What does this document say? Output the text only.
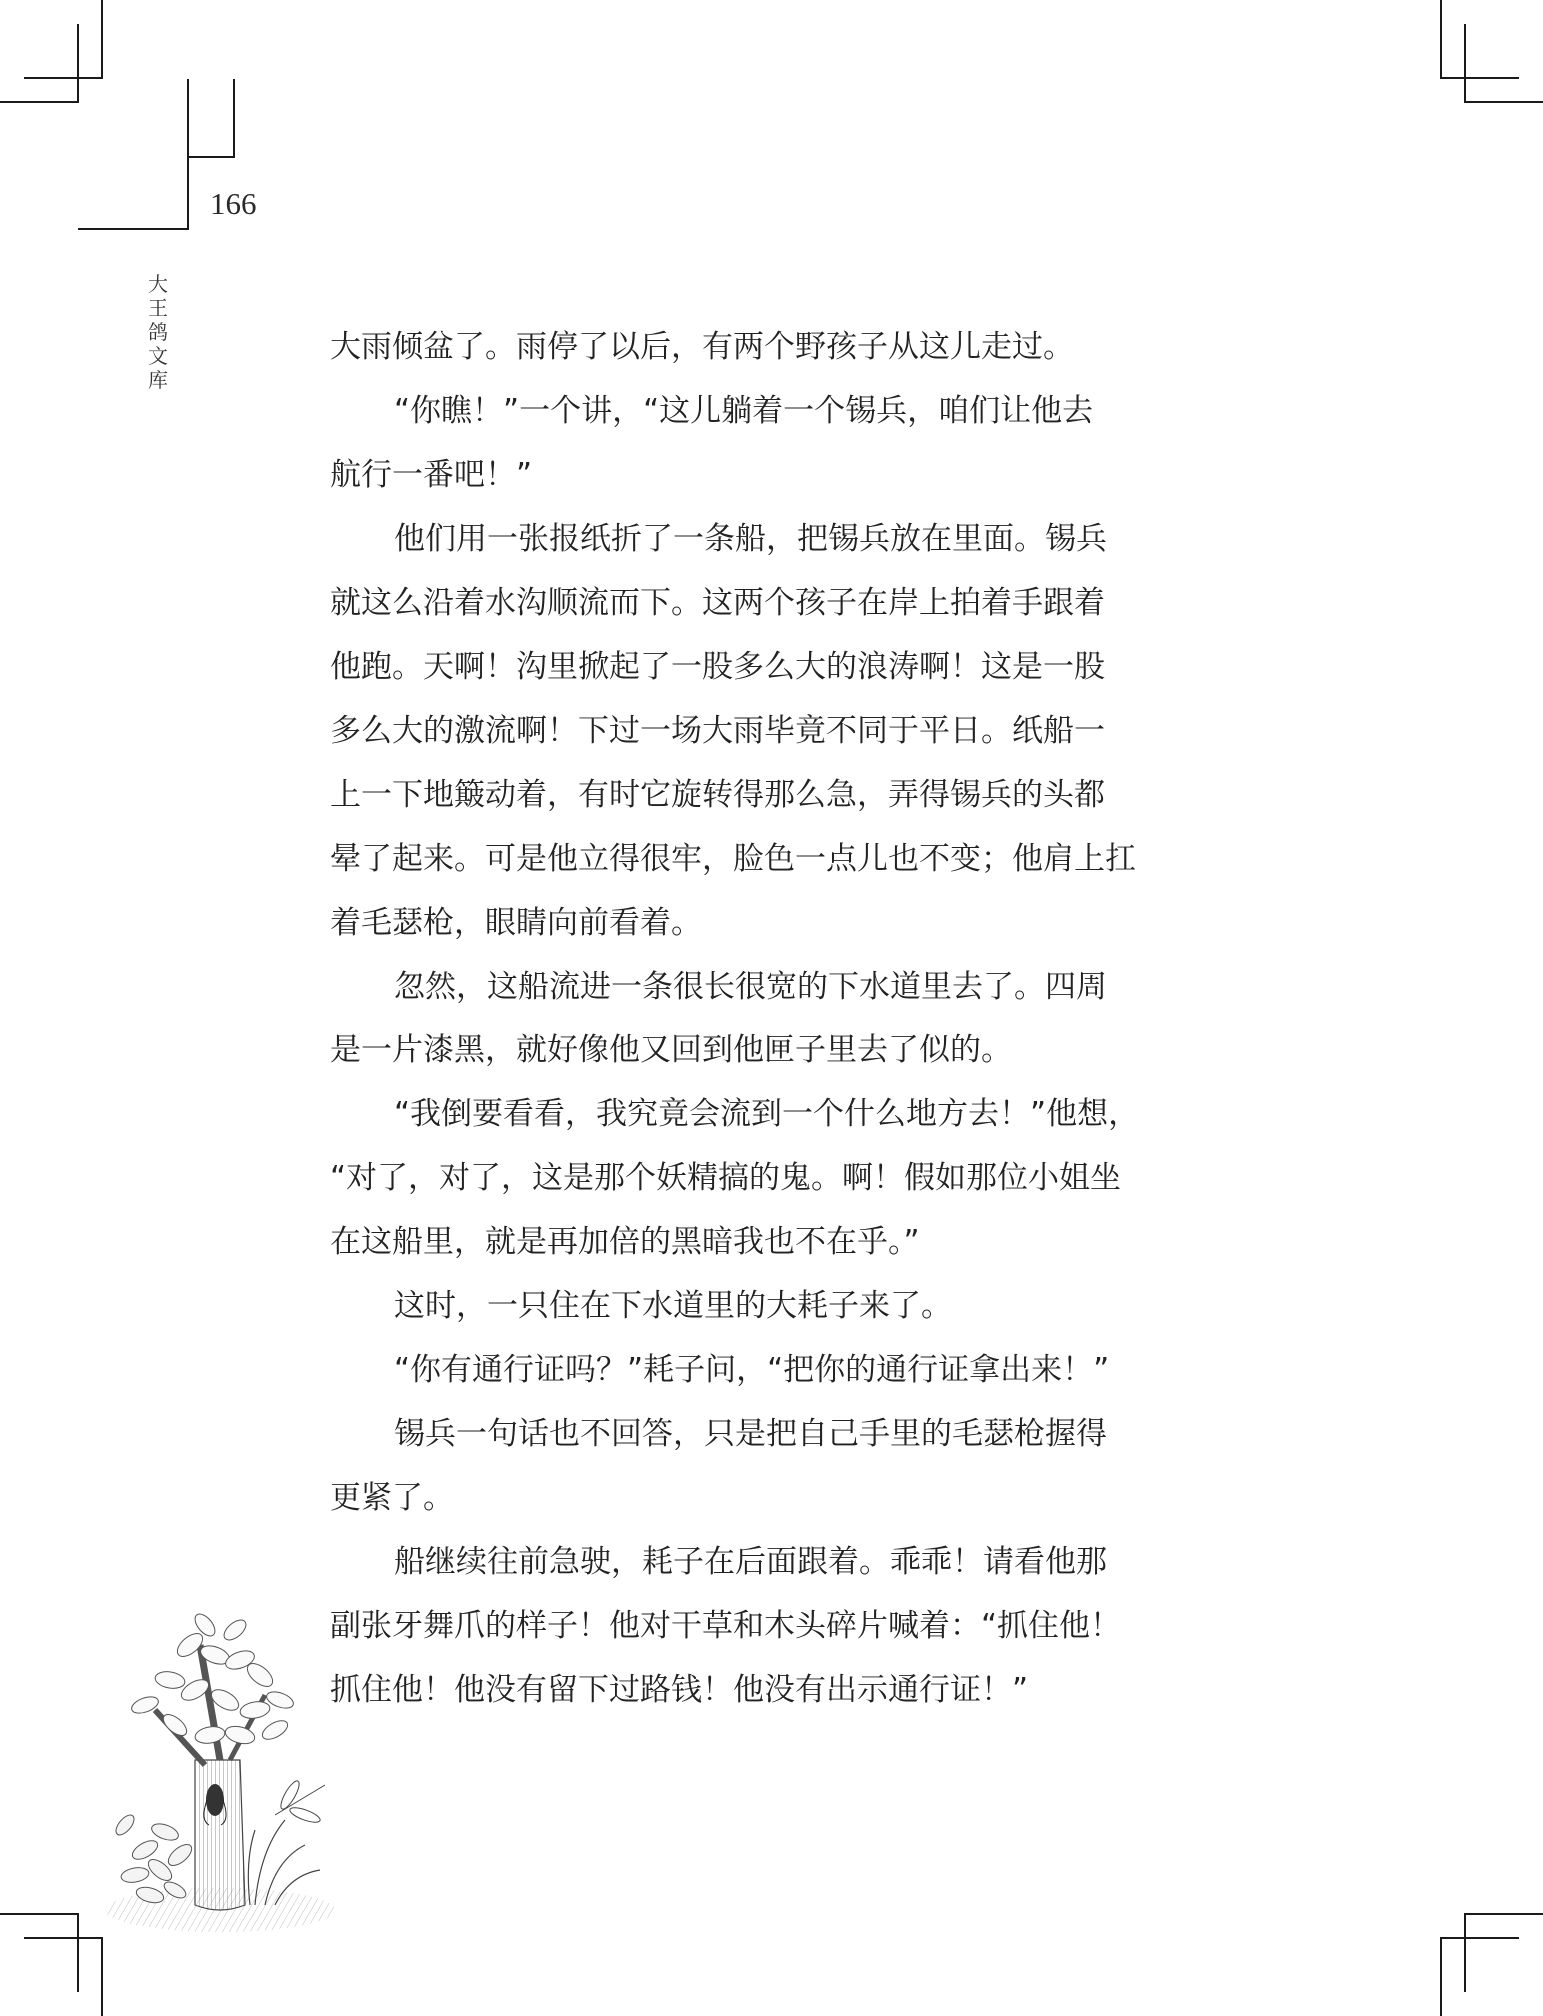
166
大
王
鸽
文
库
大雨倾盆了。雨停了以后，有两个野孩子从这儿走过。
“你瞧！”一个讲，“这儿躺着一个锡兵，咱们让他去
航行一番吧！”
他们用一张报纸折了一条船，把锡兵放在里面。锡兵
就这么沿着水沟顺流而下。这两个孩子在岸上拍着手跟着
他跑。天啊！沟里掀起了一股多么大的浪涛啊！这是一股
多么大的激流啊！下过一场大雨毕竟不同于平日。纸船一
上一下地簸动着，有时它旋转得那么急，弄得锡兵的头都
晕了起来。可是他立得很牢，脸色一点儿也不变；他肩上扛
着毛瑟枪，眼睛向前看着。
忽然，这船流进一条很长很宽的下水道里去了。四周
是一片漆黑，就好像他又回到他匣子里去了似的。
“我倒要看看，我究竟会流到一个什么地方去！”他想，
“对了，对了，这是那个妖精搞的鬼。啊！假如那位小姐坐
在这船里，就是再加倍的黑暗我也不在乎。”
这时，一只住在下水道里的大耗子来了。
“你有通行证吗？”耗子问，“把你的通行证拿出来！”
锡兵一句话也不回答，只是把自己手里的毛瑟枪握得
更紧了。
船继续往前急驶，耗子在后面跟着。乖乖！请看他那
副张牙舞爪的样子！他对干草和木头碎片喊着：“抓住他！
抓住他！他没有留下过路钱！他没有出示通行证！”
